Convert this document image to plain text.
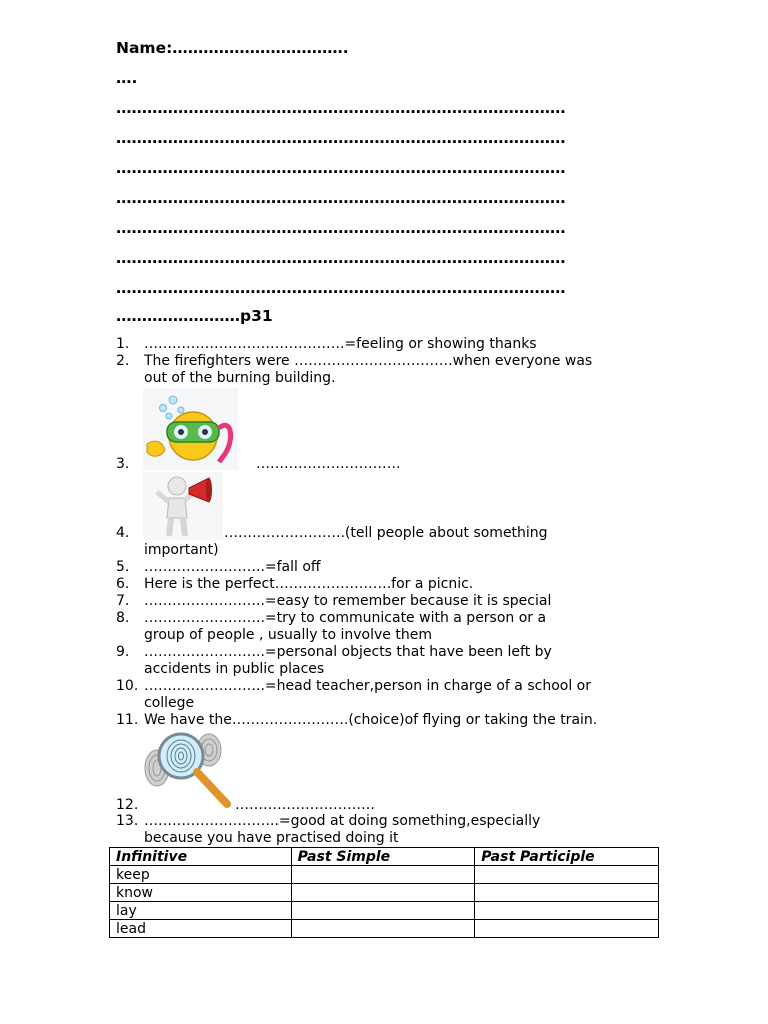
Name:…………………………….
….
……………………………………………………………………………
……………………………………………………………………………
……………………………………………………………………………
……………………………………………………………………………
……………………………………………………………………………
……………………………………………………………………………
……………………………………………………………………………
……………………p31
1. …………………………………….=feeling or showing thanks
2. The firefighters were …………………………….when everyone was
out of the burning building.
3.	………………………….
4.	……………………..(tell people about something
important)
5. ……………………..=fall off
6. Here is the perfect…………………….for a picnic.
7. ……………………..=easy to remember because it is special
8. ……………………..=try to communicate with a person or a
group of people , usually to involve them
9. ……………………..=personal objects that have been left by
accidents in public places
10. ……………………..=head teacher,person in charge of a school or
college
11. We have the…………………….(choice)of flying or taking the train.
12.	…………………………
13. ………………………..=good at doing something,especially
because you have practised doing it
Infinitive	Past Simple	Past Participle
keep		
know		
lay		
lead		
